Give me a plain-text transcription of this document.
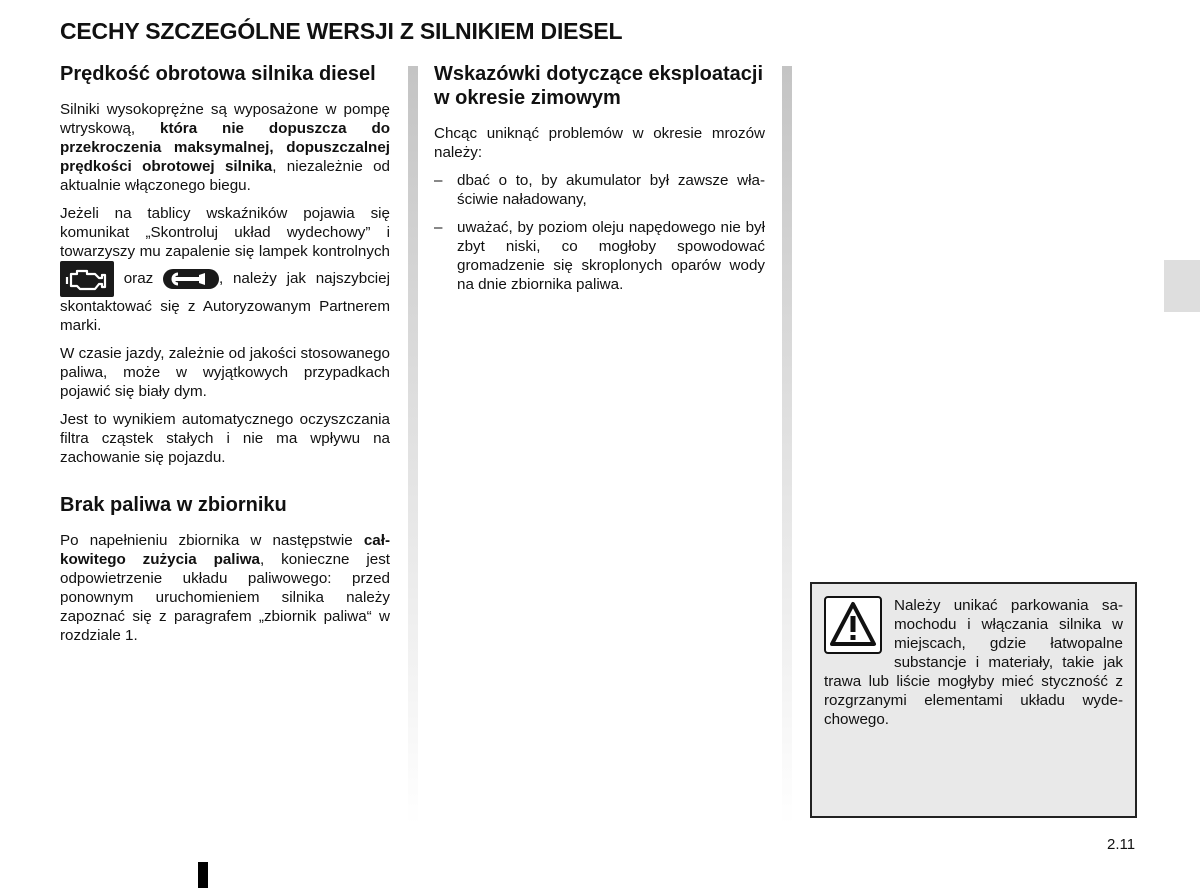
CECHY SZCZEGÓLNE WERSJI Z SILNIKIEM DIESEL
Prędkość obrotowa silnika diesel

Silniki wysokoprężne są wyposażone w pompę wtryskową, która nie dopuszcza do przekroczenia maksymalnej, dopuszczalnej prędkości obrotowej silnika, niezależnie od aktualnie włączonego biegu.

Jeżeli na tablicy wskaźników pojawia się komunikat „Skontroluj układ wydechowy” i towarzyszy mu zapalenie się lampek kontrolnych  oraz	, należy jak najszybciej skontaktować się z Autoryzowanym Partnerem marki.

W czasie jazdy, zależnie od jakości stosowanego paliwa, może w wyjątkowych przypadkach pojawić się biały dym.

Jest to wynikiem automatycznego oczyszczania filtra cząstek stałych i nie ma wpływu na zachowanie się pojazdu.

Brak paliwa w zbiorniku

Po napełnieniu zbiornika w następstwie całkowitego zużycia paliwa, konieczne jest odpowietrzenie układu paliwowego: przed ponownym uruchomieniem silnika należy zapoznać się z paragrafem „zbiornik paliwa“ w rozdziale 1.

Wskazówki dotyczące eksploatacji w okresie zimowym

Chcąc uniknąć problemów w okresie mrozów należy:

– dbać o to, by akumulator był zawsze właściwie naładowany,
– uważać, by poziom oleju napędowego nie był zbyt niski, co mogłoby spowodować gromadzenie się skroplonych oparów wody na dnie zbiornika paliwa.
Należy unikać parkowania samochodu i włączania silnika w miejscach, gdzie łatwopalne substancje i materiały, takie jak trawa lub liście mogłyby mieć styczność z rozgrzanymi elementami układu wydechowego.
2.11
